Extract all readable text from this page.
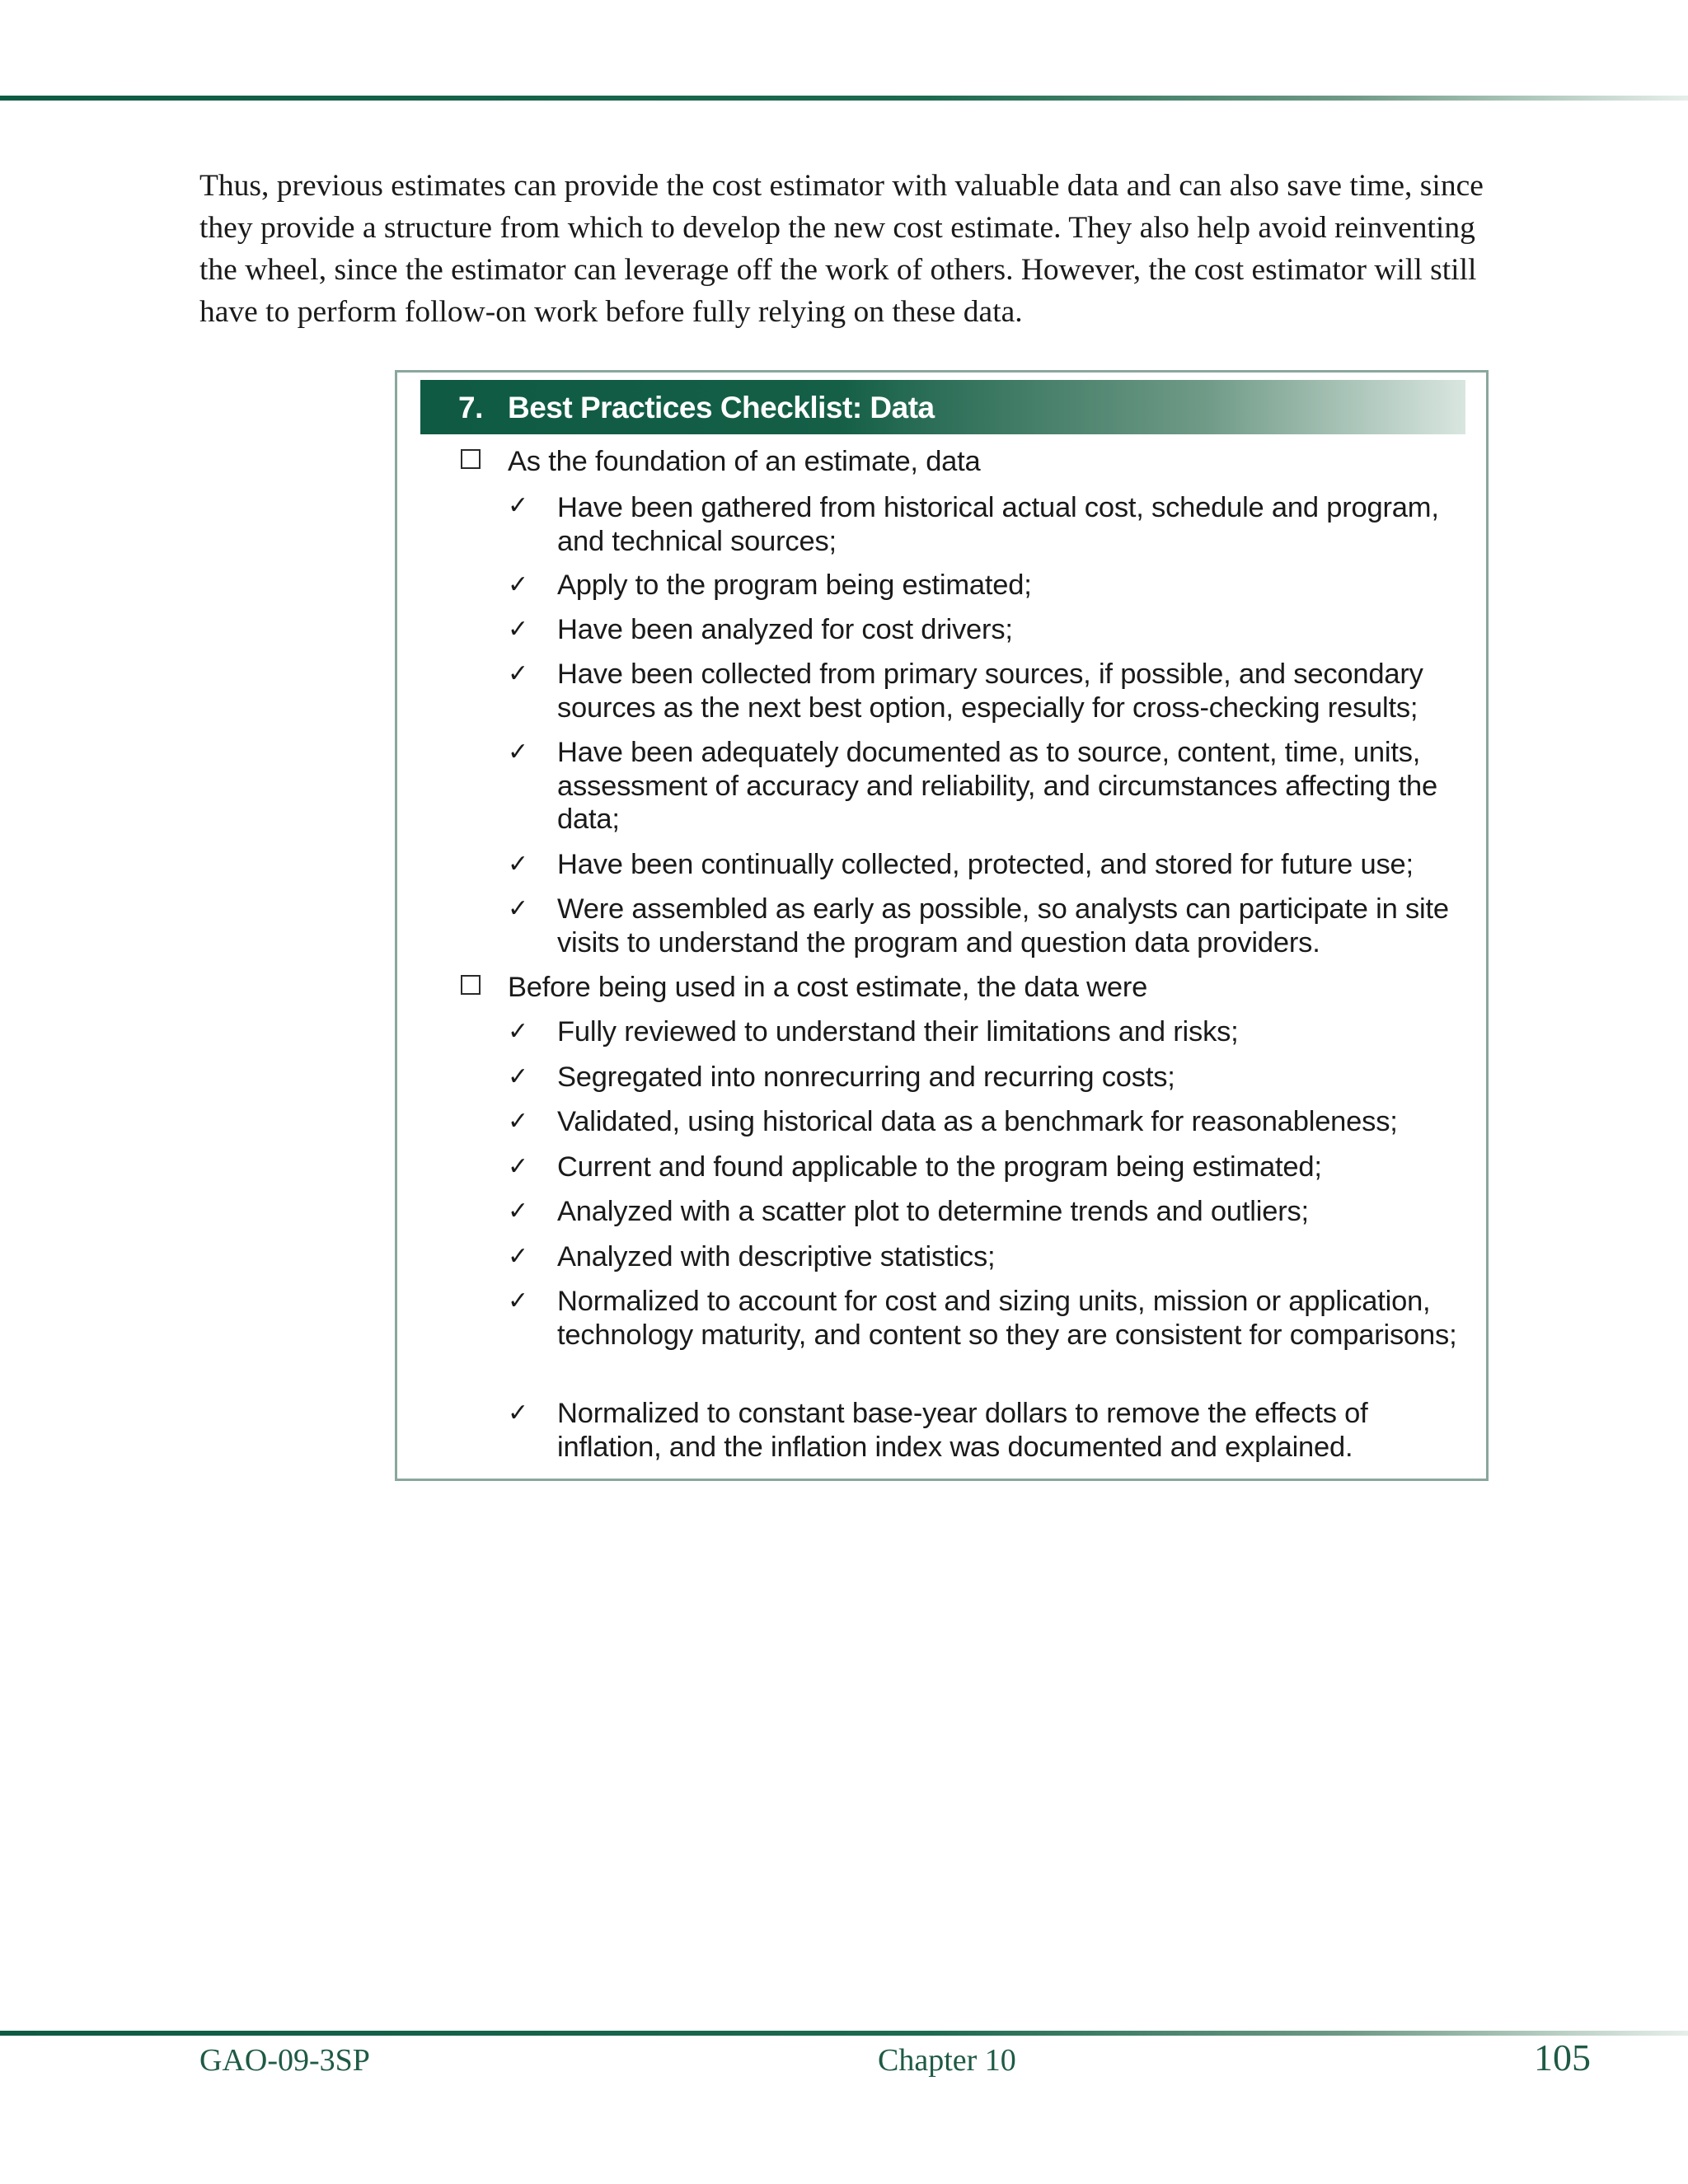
Thus, previous estimates can provide the cost estimator with valuable data and can also save time, since they provide a structure from which to develop the new cost estimate. They also help avoid reinventing the wheel, since the estimator can leverage off the work of others. However, the cost estimator will still have to perform follow-on work before fully relying on these data.

7. Best Practices Checklist: Data
As the foundation of an estimate, data
✓ Have been gathered from historical actual cost, schedule and program, and technical sources;
✓ Apply to the program being estimated;
✓ Have been analyzed for cost drivers;
✓ Have been collected from primary sources, if possible, and secondary sources as the next best option, especially for cross-checking results;
✓ Have been adequately documented as to source, content, time, units, assessment of accuracy and reliability, and circumstances affecting the data;
✓ Have been continually collected, protected, and stored for future use;
✓ Were assembled as early as possible, so analysts can participate in site visits to understand the program and question data providers.
Before being used in a cost estimate, the data were
✓ Fully reviewed to understand their limitations and risks;
✓ Segregated into nonrecurring and recurring costs;
✓ Validated, using historical data as a benchmark for reasonableness;
✓ Current and found applicable to the program being estimated;
✓ Analyzed with a scatter plot to determine trends and outliers;
✓ Analyzed with descriptive statistics;
✓ Normalized to account for cost and sizing units, mission or application, technology maturity, and content so they are consistent for comparisons;
✓ Normalized to constant base-year dollars to remove the effects of inflation, and the inflation index was documented and explained.
GAO-09-3SP	Chapter 10	105
